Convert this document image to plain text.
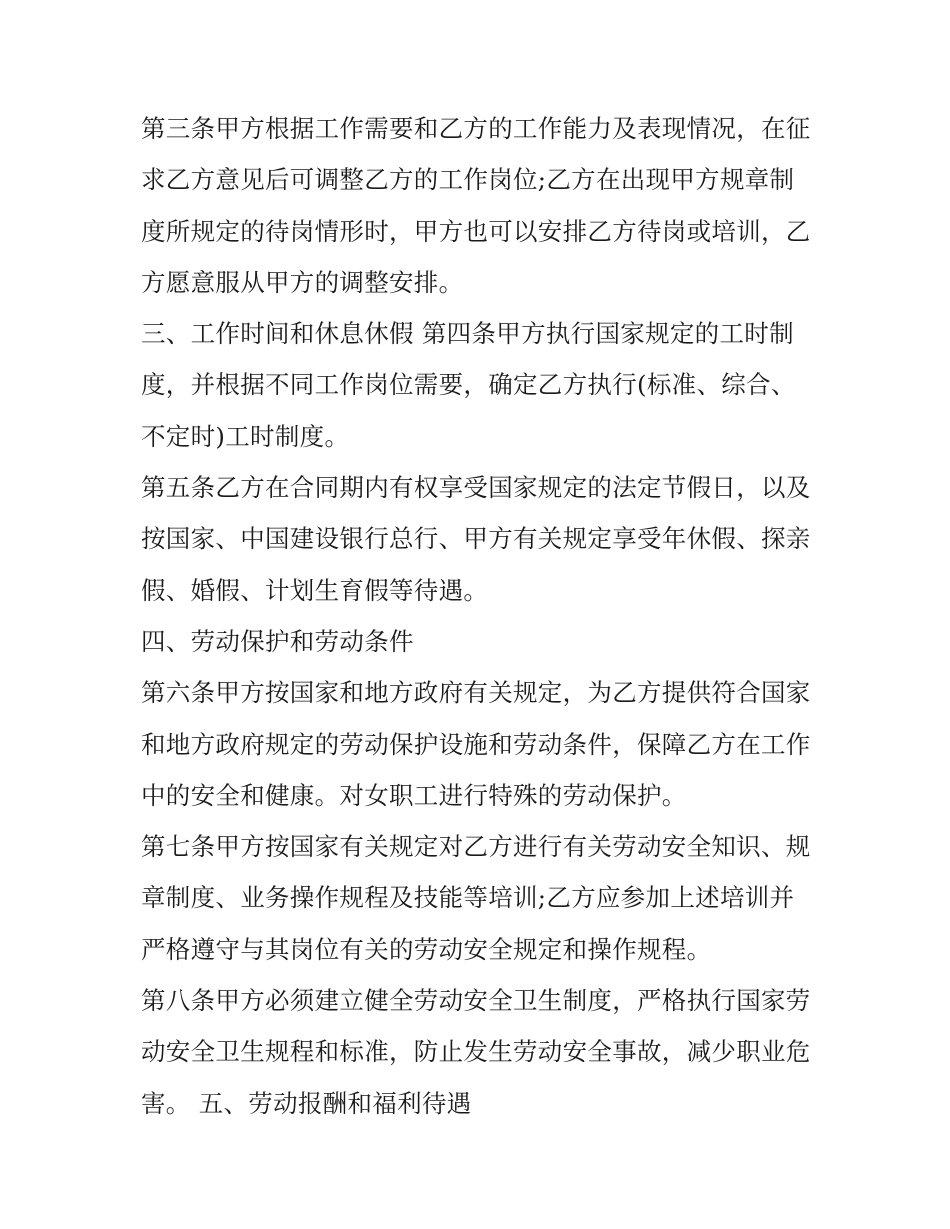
第三条甲方根据工作需要和乙方的工作能力及表现情况，在征
求乙方意见后可调整乙方的工作岗位;乙方在出现甲方规章制
度所规定的待岗情形时，甲方也可以安排乙方待岗或培训，乙
方愿意服从甲方的调整安排。

三、工作时间和休息休假 第四条甲方执行国家规定的工时制
度，并根据不同工作岗位需要，确定乙方执行(标准、综合、
不定时)工时制度。

第五条乙方在合同期内有权享受国家规定的法定节假日，以及
按国家、中国建设银行总行、甲方有关规定享受年休假、探亲
假、婚假、计划生育假等待遇。

四、劳动保护和劳动条件

第六条甲方按国家和地方政府有关规定，为乙方提供符合国家
和地方政府规定的劳动保护设施和劳动条件，保障乙方在工作
中的安全和健康。对女职工进行特殊的劳动保护。

第七条甲方按国家有关规定对乙方进行有关劳动安全知识、规
章制度、业务操作规程及技能等培训;乙方应参加上述培训并
严格遵守与其岗位有关的劳动安全规定和操作规程。

第八条甲方必须建立健全劳动安全卫生制度，严格执行国家劳
动安全卫生规程和标准，防止发生劳动安全事故，减少职业危
害。 五、劳动报酬和福利待遇
